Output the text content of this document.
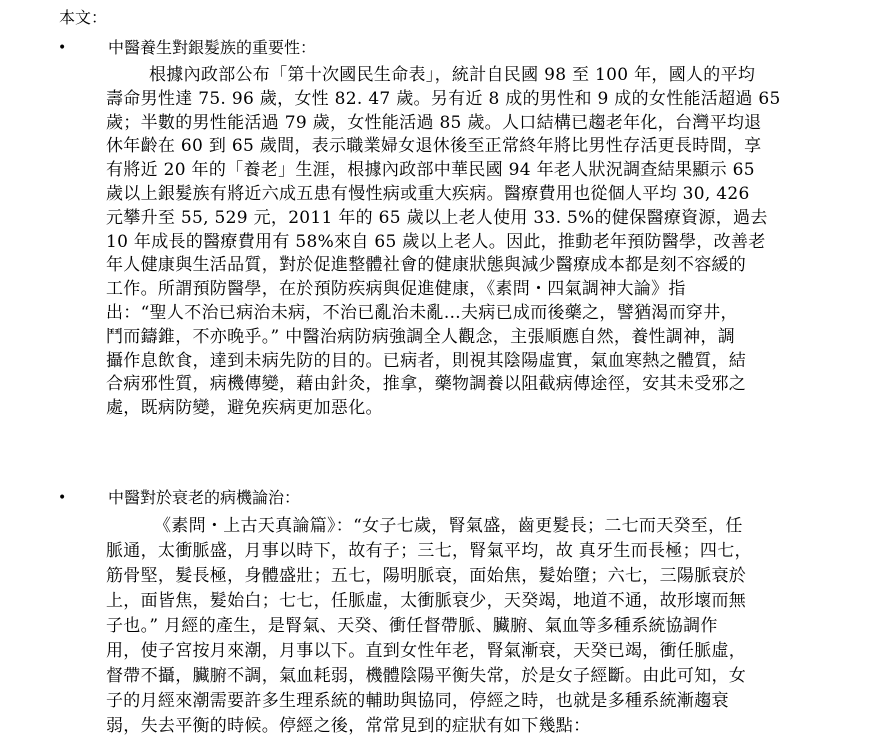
本文：
•	中醫養生對銀髮族的重要性：
根據內政部公布「第十次國民生命表」，統計自民國 98 至 100 年，國人的平均
壽命男性達 75. 96 歲，女性 82. 47 歲。另有近 8 成的男性和 9 成的女性能活超過 65
歲；半數的男性能活過 79 歲，女性能活過 85 歲。人口結構已趨老年化，台灣平均退
休年齡在 60 到 65 歲間，表示職業婦女退休後至正常終年將比男性存活更長時間，享
有將近 20 年的「養老」生涯，根據內政部中華民國 94 年老人狀況調查結果顯示 65
歲以上銀髮族有將近六成五患有慢性病或重大疾病。醫療費用也從個人平均 30, 426
元攀升至 55, 529 元，2011 年的 65 歲以上老人使用 33. 5%的健保醫療資源，過去
10 年成長的醫療費用有 58%來自 65 歲以上老人。因此，推動老年預防醫學，改善老
年人健康與生活品質，對於促進整體社會的健康狀態與減少醫療成本都是刻不容緩的
工作。所謂預防醫學，在於預防疾病與促進健康，《素問・四氣調神大論》指
出：“聖人不治已病治未病，不治已亂治未亂…夫病已成而後藥之，譬猶渴而穿井，
鬥而鑄錐，不亦晚乎。” 中醫治病防病強調全人觀念，主張順應自然，養性調神，調
攝作息飲食，達到未病先防的目的。已病者，則視其陰陽虛實，氣血寒熱之體質，結
合病邪性質，病機傳變，藉由針灸，推拿，藥物調養以阻截病傳途徑，安其未受邪之
處，既病防變，避免疾病更加惡化。
•	中醫對於衰老的病機論治：
《素問・上古天真論篇》：“女子七歲，腎氣盛，齒更髮長；二七而天癸至，任
脈通，太衝脈盛，月事以時下，故有子；三七，腎氣平均，故 真牙生而長極；四七，
筋骨堅，髮長極，身體盛壯；五七，陽明脈衰，面始焦，髮始墮；六七，三陽脈衰於
上，面皆焦，髮始白；七七，任脈虛，太衝脈衰少，天癸竭，地道不通，故形壞而無
子也。” 月經的產生，是腎氣、天癸、衝任督帶脈、臟腑、氣血等多種系統協調作
用，使子宮按月來潮，月事以下。直到女性年老，腎氣漸衰，天癸已竭，衝任脈虛，
督帶不攝，臟腑不調，氣血耗弱，機體陰陽平衡失常，於是女子經斷。由此可知，女
子的月經來潮需要許多生理系統的輔助與協同，停經之時，也就是多種系統漸趨衰
弱，失去平衡的時候。停經之後，常常見到的症狀有如下幾點：
